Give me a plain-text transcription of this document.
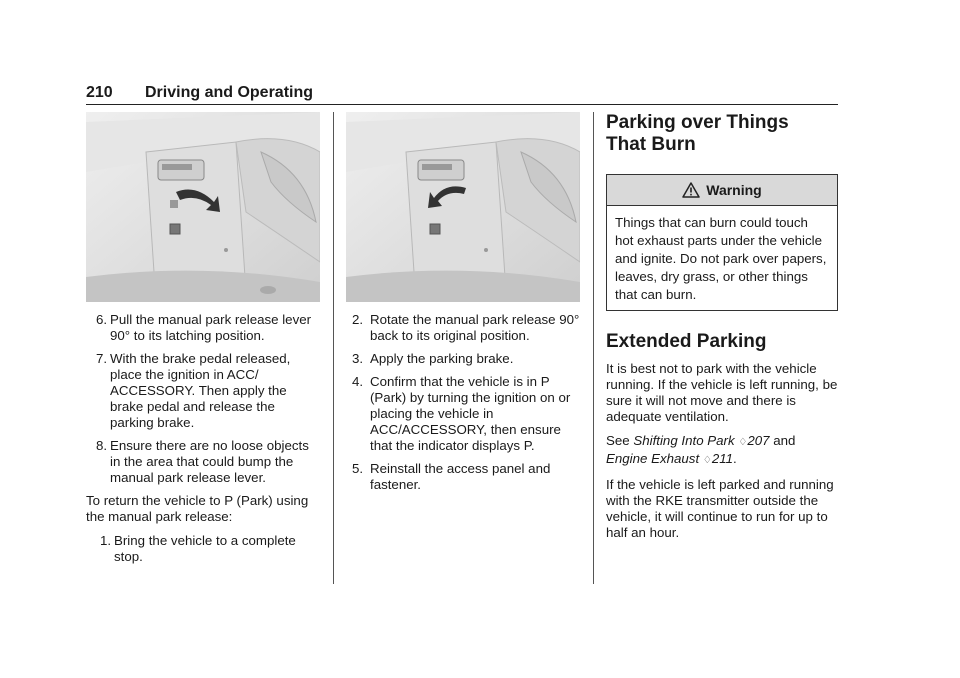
210 Driving and Operating
6. Pull the manual park release lever 90° to its latching position.
7. With the brake pedal released, place the ignition in ACC/ ACCESSORY. Then apply the brake pedal and release the parking brake.
8. Ensure there are no loose objects in the area that could bump the manual park release lever.

To return the vehicle to P (Park) using the manual park release:

1. Bring the vehicle to a complete stop.
2. Rotate the manual park release 90° back to its original position.
3. Apply the parking brake.
4. Confirm that the vehicle is in P (Park) by turning the ignition on or placing the vehicle in ACC/ACCESSORY, then ensure that the indicator displays P.
5. Reinstall the access panel and fastener.
Parking over Things
That Burn
Warning
Things that can burn could touch hot exhaust parts under the vehicle and ignite. Do not park over papers, leaves, dry grass, or other things that can burn.
Extended Parking

It is best not to park with the vehicle running. If the vehicle is left running, be sure it will not move and there is adequate ventilation.

See Shifting Into Park ♢207 and
Engine Exhaust ♢211.

If the vehicle is left parked and running with the RKE transmitter outside the vehicle, it will continue to run for up to half an hour.
